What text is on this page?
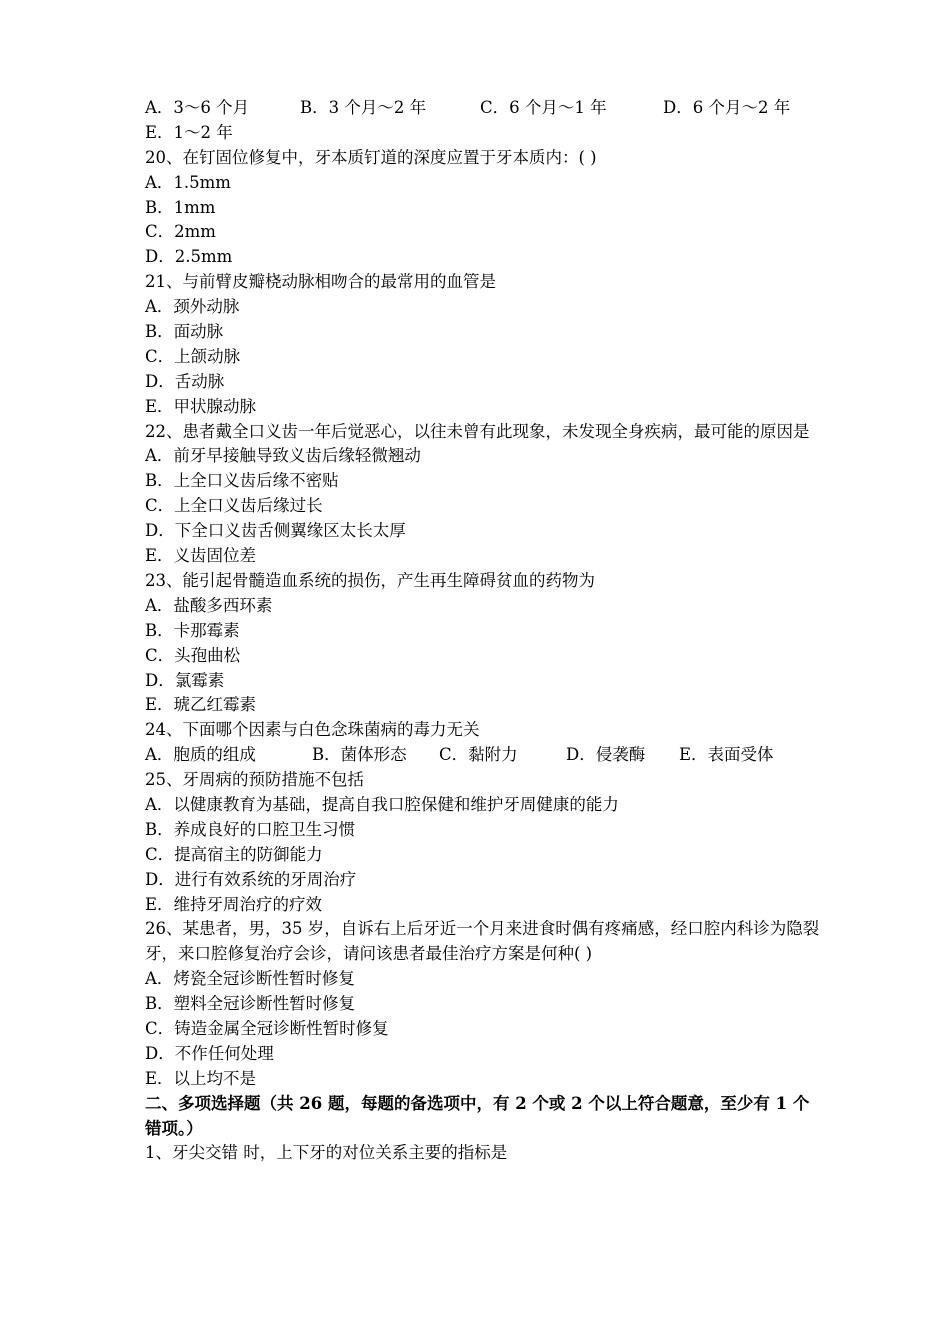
A．3～6 个月	B．3 个月～2 年	C．6 个月～1 年	D．6 个月～2 年
E．1～2 年
20、在钉固位修复中，牙本质钉道的深度应置于牙本质内：( )
A．1.5mm
B．1mm
C．2mm
D．2.5mm
21、与前臂皮瓣桡动脉相吻合的最常用的血管是
A．颈外动脉
B．面动脉
C．上颌动脉
D．舌动脉
E．甲状腺动脉
22、患者戴全口义齿一年后觉恶心，以往未曾有此现象，未发现全身疾病，最可能的原因是
A．前牙早接触导致义齿后缘轻微翘动
B．上全口义齿后缘不密贴
C．上全口义齿后缘过长
D．下全口义齿舌侧翼缘区太长太厚
E．义齿固位差
23、能引起骨髓造血系统的损伤，产生再生障碍贫血的药物为
A．盐酸多西环素
B．卡那霉素
C．头孢曲松
D．氯霉素
E．琥乙红霉素
24、下面哪个因素与白色念珠菌病的毒力无关
A．胞质的组成	B．菌体形态	C．黏附力	D．侵袭酶	E．表面受体
25、牙周病的预防措施不包括
A．以健康教育为基础，提高自我口腔保健和维护牙周健康的能力
B．养成良好的口腔卫生习惯
C．提高宿主的防御能力
D．进行有效系统的牙周治疗
E．维持牙周治疗的疗效
26、某患者，男，35 岁，自诉右上后牙近一个月来进食时偶有疼痛感，经口腔内科诊为隐裂牙，来口腔修复治疗会诊，请问该患者最佳治疗方案是何种( )
A．烤瓷全冠诊断性暂时修复
B．塑料全冠诊断性暂时修复
C．铸造金属全冠诊断性暂时修复
D．不作任何处理
E．以上均不是
二、多项选择题（共 26 题，每题的备选项中，有 2 个或 2 个以上符合题意，至少有 1 个错项。）
1、牙尖交错 时，上下牙的对位关系主要的指标是
